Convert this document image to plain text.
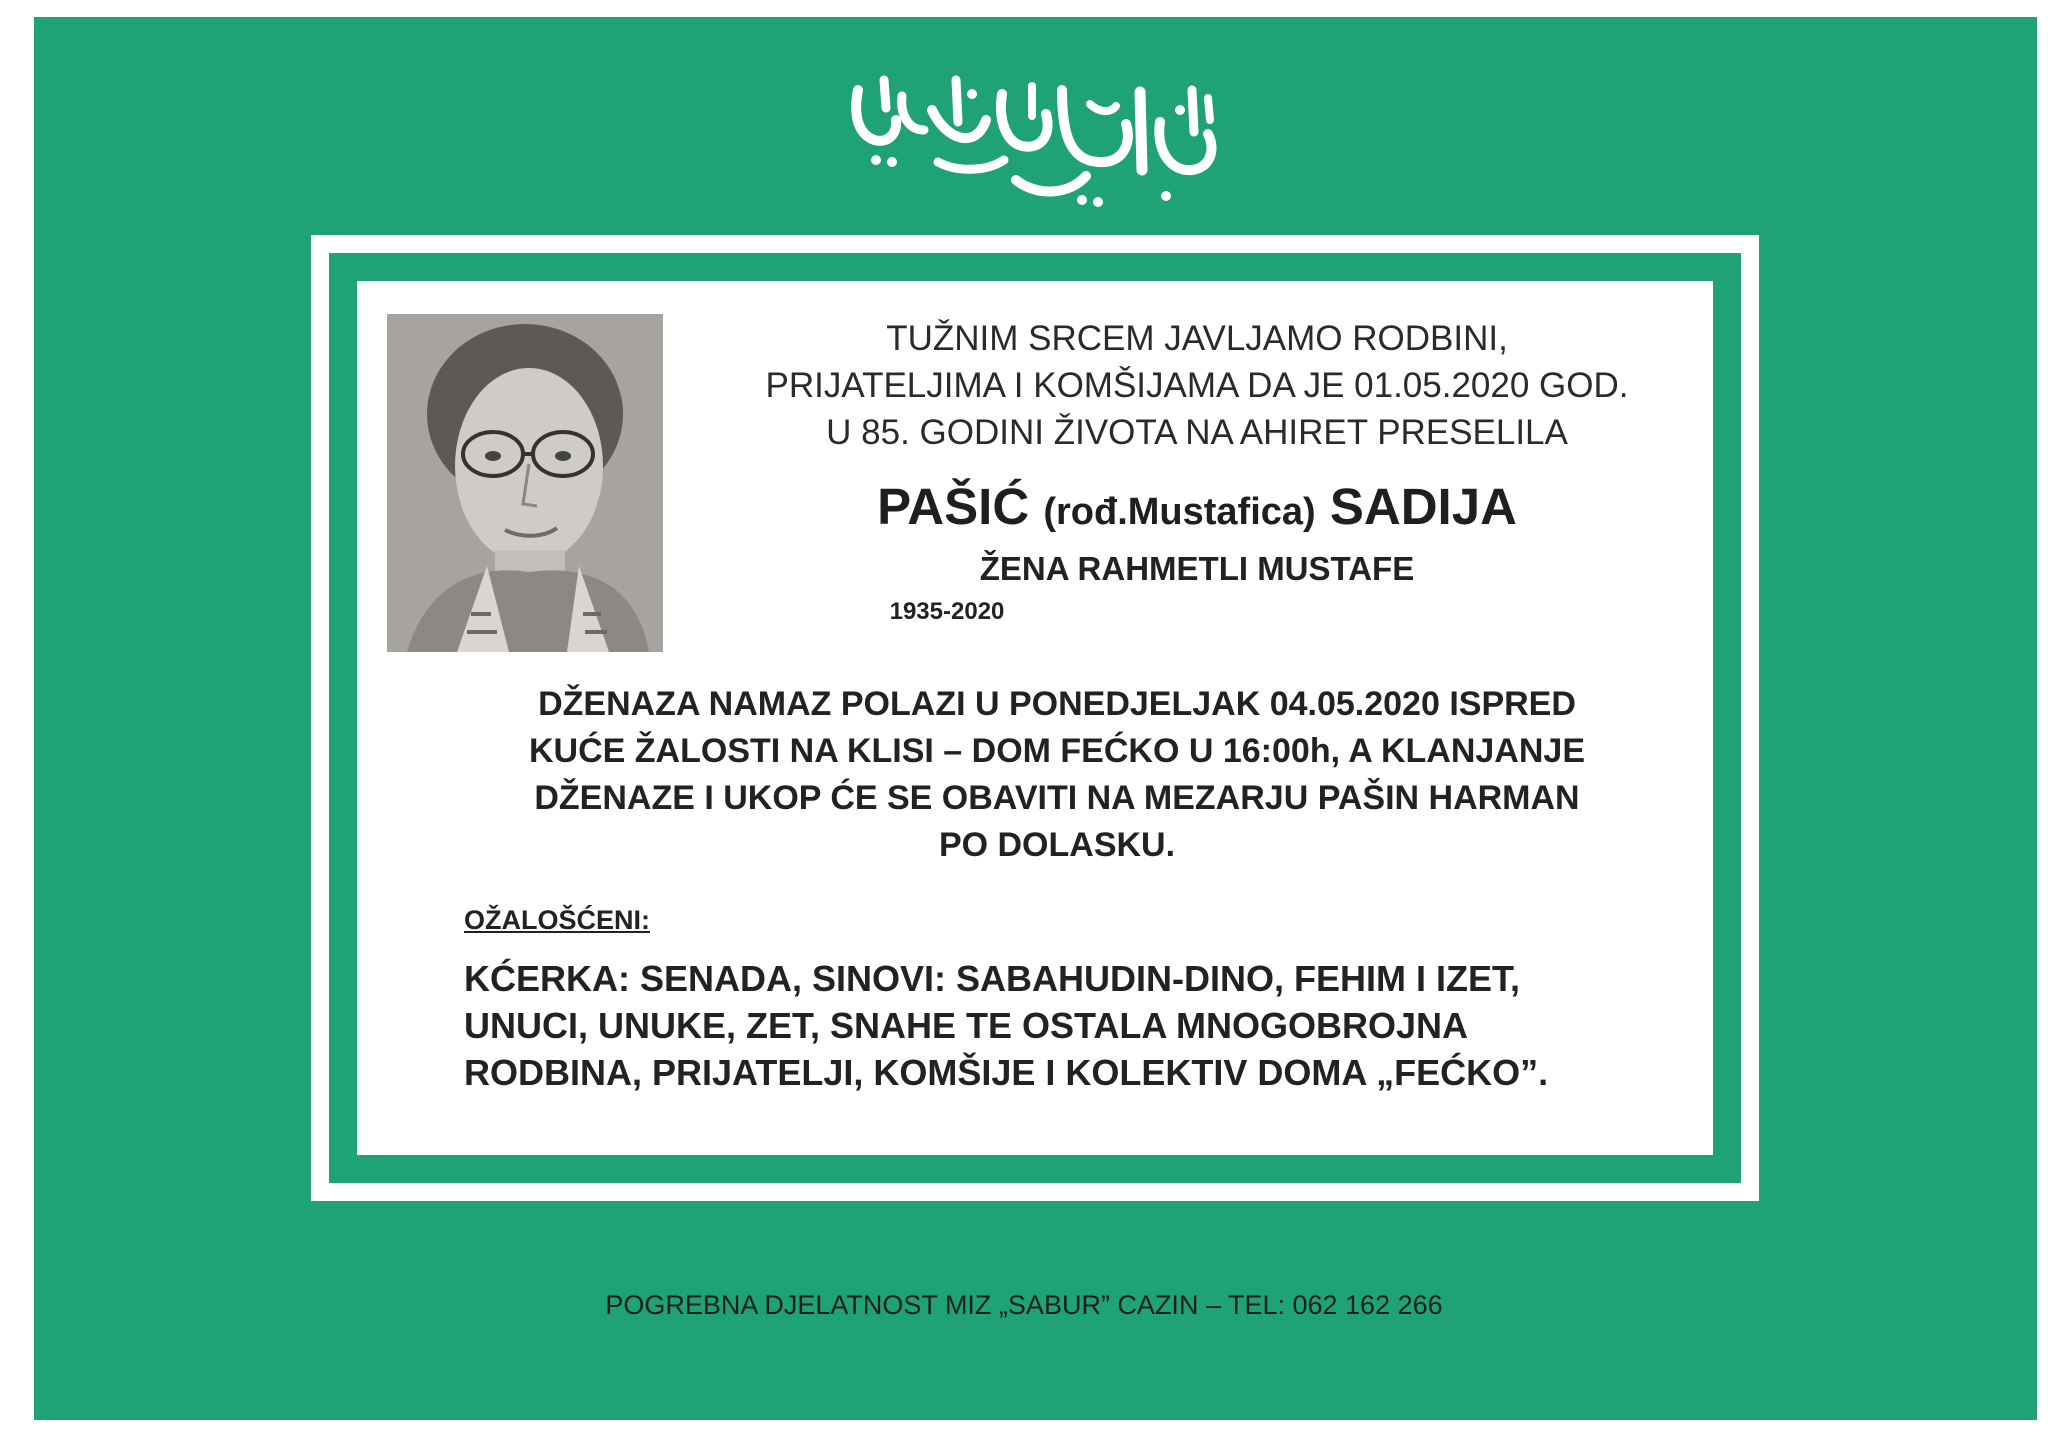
TUŽNIM SRCEM JAVLJAMO RODBINI,
PRIJATELJIMA I KOMŠIJAMA DA JE 01.05.2020 GOD.
U 85. GODINI ŽIVOTA NA AHIRET PRESELILA
PAŠIĆ (rođ.Mustafica) SADIJA
ŽENA RAHMETLI MUSTAFE
1935-2020
DŽENAZA NAMAZ POLAZI U PONEDJELJAK 04.05.2020 ISPRED
KUĆE ŽALOSTI NA KLISI – DOM FEĆKO U 16:00h, A KLANJANJE
DŽENAZE I UKOP ĆE SE OBAVITI NA MEZARJU PAŠIN HARMAN
PO DOLASKU.
OŽALOŠĆENI:
KĆERKA: SENADA, SINOVI: SABAHUDIN-DINO, FEHIM I IZET,
UNUCI, UNUKE, ZET, SNAHE TE OSTALA MNOGOBROJNA
RODBINA, PRIJATELJI, KOMŠIJE I KOLEKTIV DOMA „FEĆKO”.
POGREBNA DJELATNOST MIZ „SABUR” CAZIN – TEL: 062 162 266
